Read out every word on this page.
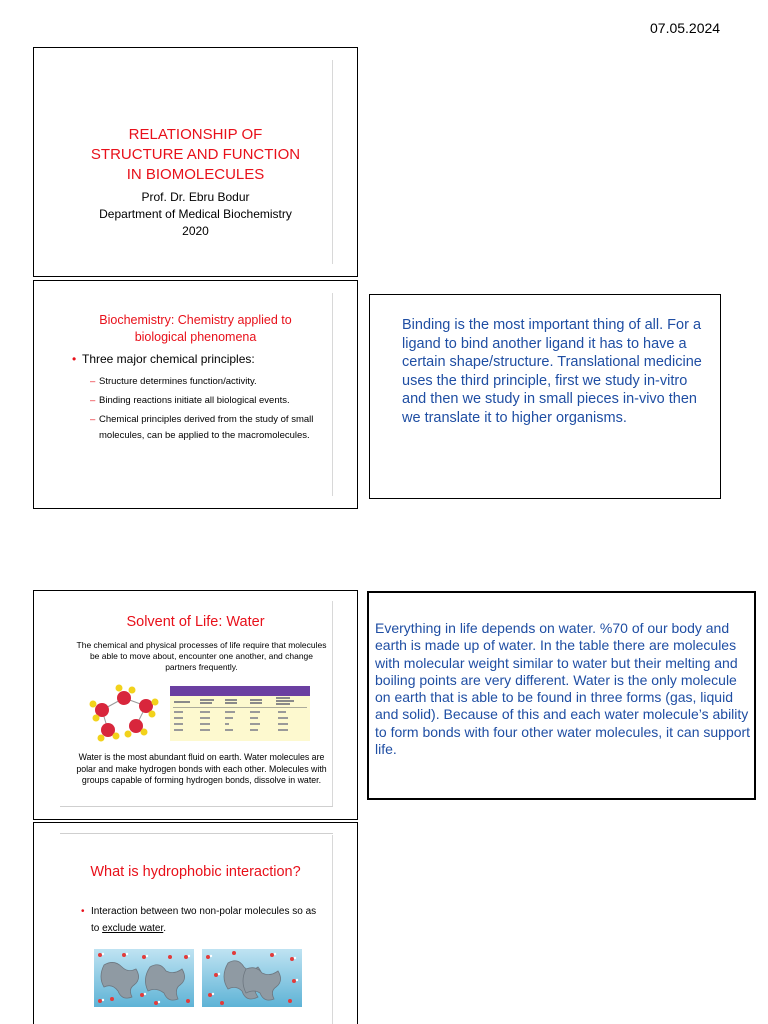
07.05.2024
RELATIONSHIP OF
STRUCTURE AND FUNCTION
IN BIOMOLECULES
Prof. Dr. Ebru Bodur
Department of Medical Biochemistry
2020
Biochemistry: Chemistry applied to
biological phenomena
• Three major chemical principles:
– Structure determines function/activity.
– Binding reactions initiate all biological events.
– Chemical principles derived from the study of small molecules, can be applied to the macromolecules.
Binding is the most important thing of all. For a ligand to bind another ligand it has to have a certain shape/structure. Translational medicine uses the third principle, first we study in-vitro and then we study in small pieces in-vivo then we translate it to higher organisms.
Solvent of Life: Water
The chemical and physical processes of life require that molecules be able to move about, encounter one another, and change partners frequently.
Water is the most abundant fluid on earth. Water molecules are polar and make hydrogen bonds with each other. Molecules with groups capable of forming hydrogen bonds, dissolve in water.
Everything in life depends on water. %70 of our body and earth is made up of water. In the table there are molecules with molecular weight similar to water but their melting and boiling points are very different. Water is the only molecule on earth that is able to be found in three forms (gas, liquid and solid). Because of this and each water molecule’s ability to form bonds with four other water molecules, it can support life.
What is hydrophobic interaction?
• Interaction between two non-polar molecules so as to exclude water.
